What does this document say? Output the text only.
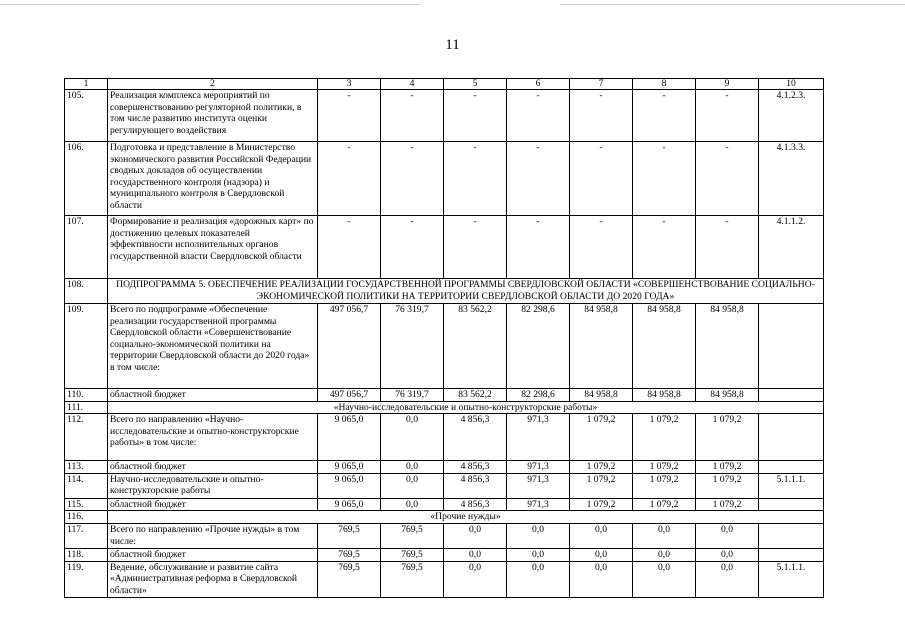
11
1	2	3	4	5	6	7	8	9	10
105.	Реализация комплекса мероприятий по совершенствованию регуляторной политики, в том числе развитию института оценки регулирующего воздействия	-	-	-	-	-	-	-	4.1.2.3.
106.	Подготовка и представление в Министерство экономического развития Российской Федерации сводных докладов об осуществлении государственного контроля (надзора) и муниципального контроля в Свердловской области	-	-	-	-	-	-	-	4.1.3.3.
107.	Формирование и реализация «дорожных карт» по достижению целевых показателей эффективности исполнительных органов государственной власти Свердловской области	-	-	-	-	-	-	-	4.1.1.2.
108.	ПОДПРОГРАММА 5. ОБЕСПЕЧЕНИЕ РЕАЛИЗАЦИИ ГОСУДАРСТВЕННОЙ ПРОГРАММЫ СВЕРДЛОВСКОЙ ОБЛАСТИ «СОВЕРШЕНСТВОВАНИЕ СОЦИАЛЬНО-ЭКОНОМИЧЕСКОЙ ПОЛИТИКИ НА ТЕРРИТОРИИ СВЕРДЛОВСКОЙ ОБЛАСТИ ДО 2020 ГОДА»								
109.	Всего по подпрограмме «Обеспечение реализации государственной программы Свердловской области «Совершенствование социально-экономической политики на территории Свердловской области до 2020 года» в том числе:	497 056,7	76 319,7	83 562,2	82 298,6	84 958,8	84 958,8	84 958,8	
110.	областной бюджет	497 056,7	76 319,7	83 562,2	82 298,6	84 958,8	84 958,8	84 958,8	
111.	«Научно-исследовательские и опытно-конструкторские работы»								
112.	Всего по направлению «Научно-исследовательские и опытно-конструкторские работы» в том числе:	9 065,0	0,0	4 856,3	971,3	1 079,2	1 079,2	1 079,2	
113.	областной бюджет	9 065,0	0,0	4 856,3	971,3	1 079,2	1 079,2	1 079,2	
114.	Научно-исследовательские и опытно-конструкторские работы	9 065,0	0,0	4 856,3	971,3	1 079,2	1 079,2	1 079,2	5.1.1.1.
115.	областной бюджет	9 065,0	0,0	4 856,3	971,3	1 079,2	1 079,2	1 079,2	
116.	«Прочие нужды»								
117.	Всего по направлению «Прочие нужды» в том числе:	769,5	769,5	0,0	0,0	0,0	0,0	0,0	
118.	областной бюджет	769,5	769,5	0,0	0,0	0,0	0,0	0,0	
119.	Ведение, обслуживание и развитие сайта «Административная реформа в Свердловской области»	769,5	769,5	0,0	0,0	0,0	0,0	0,0	5.1.1.1.
